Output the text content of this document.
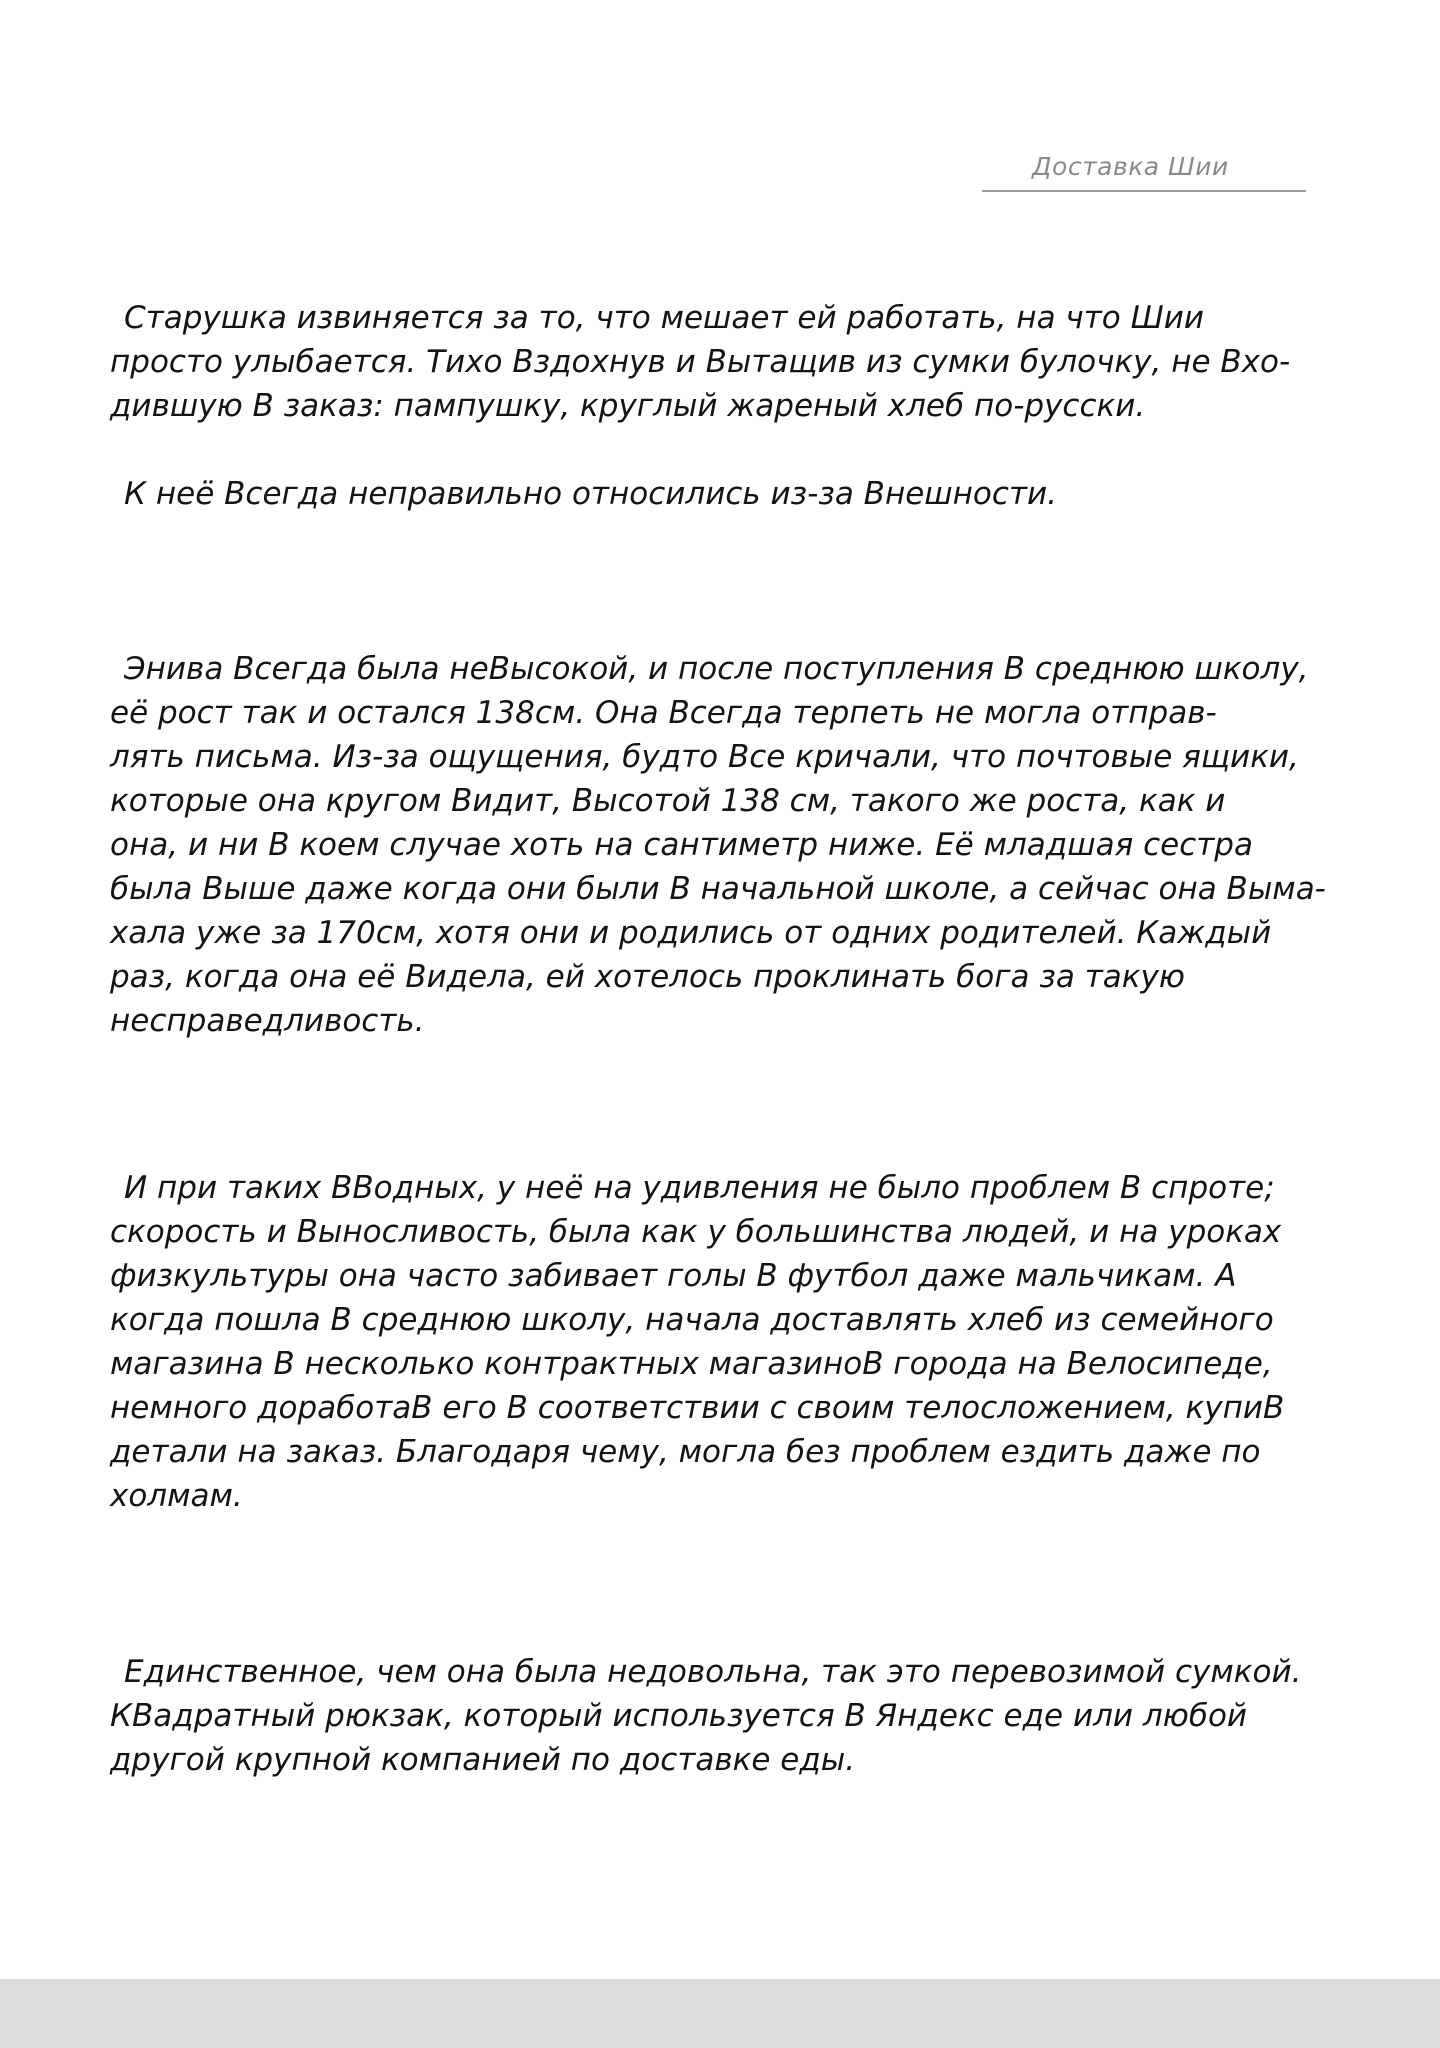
Доставка Шии
Старушка извиняется за то, что мешает ей работать, на что Шии
просто улыбается. Тихо Вздохнув и Вытащив из сумки булочку, не Вхо-
дившую В заказ: пампушку, круглый жареный хлеб по-русски.
К неё Всегда неправильно относились из-за Внешности.
Энива Всегда была неВысокой, и после поступления В среднюю школу,
её рост так и остался 138см. Она Всегда терпеть не могла отправ-
лять письма. Из-за ощущения, будто Все кричали, что почтовые ящики,
которые она кругом Видит, Высотой 138 см, такого же роста, как и
она, и ни В коем случае хоть на сантиметр ниже. Её младшая сестра
была Выше даже когда они были В начальной школе, а сейчас она Выма-
хала уже за 170см, хотя они и родились от одних родителей. Каждый
раз, когда она её Видела, ей хотелось проклинать бога за такую
несправедливость.
И при таких ВВодных, у неё на удивления не было проблем В спроте;
скорость и Выносливость, была как у большинства людей, и на уроках
физкультуры она часто забивает голы В футбол даже мальчикам. А
когда пошла В среднюю школу, начала доставлять хлеб из семейного
магазина В несколько контрактных магазиноВ города на Велосипеде,
немного доработаВ его В соответствии с своим телосложением, купиВ
детали на заказ. Благодаря чему, могла без проблем ездить даже по
холмам.
Единственное, чем она была недовольна, так это перевозимой сумкой.
КВадратный рюкзак, который используется В Яндекс еде или любой
другой крупной компанией по доставке еды.
